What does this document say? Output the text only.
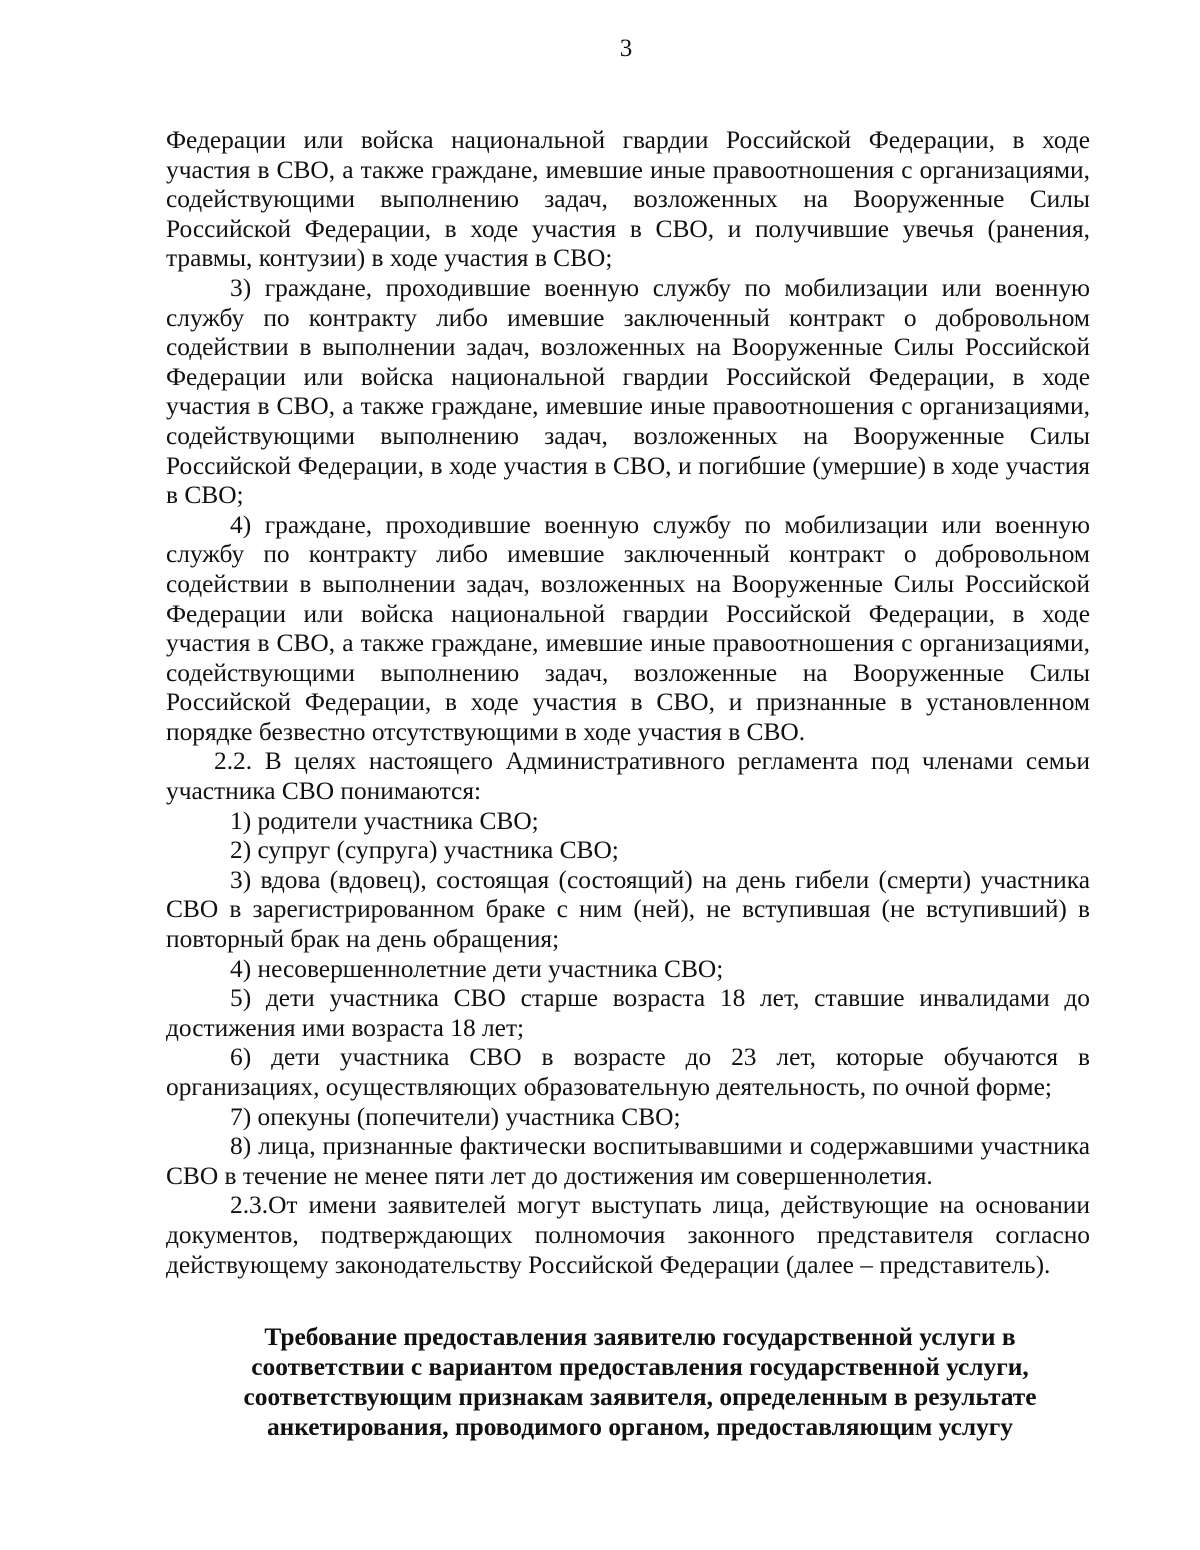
3

Федерации или войска национальной гвардии Российской Федерации, в ходе участия в СВО, а также граждане, имевшие иные правоотношения с организациями, содействующими выполнению задач, возложенных на Вооруженные Силы Российской Федерации, в ходе участия в СВО, и получившие увечья (ранения, травмы, контузии) в ходе участия в СВО;

3) граждане, проходившие военную службу по мобилизации или военную службу по контракту либо имевшие заключенный контракт о добровольном содействии в выполнении задач, возложенных на Вооруженные Силы Российской Федерации или войска национальной гвардии Российской Федерации, в ходе участия в СВО, а также граждане, имевшие иные правоотношения с организациями, содействующими выполнению задач, возложенных на Вооруженные Силы Российской Федерации, в ходе участия в СВО, и погибшие (умершие) в ходе участия в СВО;

4) граждане, проходившие военную службу по мобилизации или военную службу по контракту либо имевшие заключенный контракт о добровольном содействии в выполнении задач, возложенных на Вооруженные Силы Российской Федерации или войска национальной гвардии Российской Федерации, в ходе участия в СВО, а также граждане, имевшие иные правоотношения с организациями, содействующими выполнению задач, возложенные на Вооруженные Силы Российской Федерации, в ходе участия в СВО, и признанные в установленном порядке безвестно отсутствующими в ходе участия в СВО.

2.2. В целях настоящего Административного регламента под членами семьи участника СВО понимаются:

1) родители участника СВО;

2) супруг (супруга) участника СВО;

3) вдова (вдовец), состоящая (состоящий) на день гибели (смерти) участника СВО в зарегистрированном браке с ним (ней), не вступившая (не вступивший) в повторный брак на день обращения;

4) несовершеннолетние дети участника СВО;

5) дети участника СВО старше возраста 18 лет, ставшие инвалидами до достижения ими возраста 18 лет;

6) дети участника СВО в возрасте до 23 лет, которые обучаются в организациях, осуществляющих образовательную деятельность, по очной форме;

7) опекуны (попечители) участника СВО;

8) лица, признанные фактически воспитывавшими и содержавшими участника СВО в течение не менее пяти лет до достижения им совершеннолетия.

2.3.От имени заявителей могут выступать лица, действующие на основании документов, подтверждающих полномочия законного представителя согласно действующему законодательству Российской Федерации (далее – представитель).

Требование предоставления заявителю государственной услуги в
соответствии с вариантом предоставления государственной услуги,
соответствующим признакам заявителя, определенным в результате
анкетирования, проводимого органом, предоставляющим услугу
